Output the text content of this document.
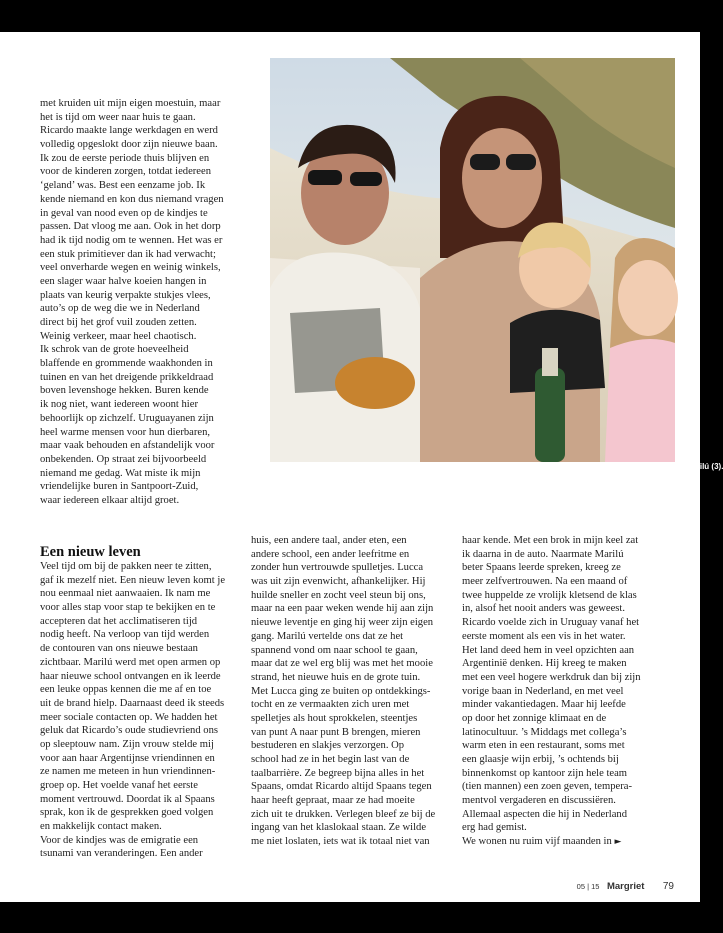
V.l.n.r.: Ricardo, Lara, Lucca (1) en Marilú (3).
met kruiden uit mijn eigen moestuin, maar
het is tijd om weer naar huis te gaan.
Ricardo maakte lange werkdagen en werd
volledig opgeslokt door zijn nieuwe baan.
Ik zou de eerste periode thuis blijven en
voor de kinderen zorgen, totdat iedereen
‘geland’ was. Best een eenzame job. Ik
kende niemand en kon dus niemand vragen
in geval van nood even op de kindjes te
passen. Dat vloog me aan. Ook in het dorp
had ik tijd nodig om te wennen. Het was er
een stuk primitiever dan ik had verwacht;
veel onverharde wegen en weinig winkels,
een slager waar halve koeien hangen in
plaats van keurig verpakte stukjes vlees,
auto’s op de weg die we in Nederland
direct bij het grof vuil zouden zetten.
Weinig verkeer, maar heel chaotisch.
Ik schrok van de grote hoeveelheid
blaffende en grommende waakhonden in
tuinen en van het dreigende prikkeldraad
boven levenshoge hekken. Buren kende
ik nog niet, want iedereen woont hier
behoorlijk op zichzelf. Uruguayanen zijn
heel warme mensen voor hun dierbaren,
maar vaak behouden en afstandelijk voor
onbekenden. Op straat zei bijvoorbeeld
niemand me gedag. Wat miste ik mijn
vriendelijke buren in Santpoort-Zuid,
waar iedereen elkaar altijd groet.
Een nieuw leven
Veel tijd om bij de pakken neer te zitten,
gaf ik mezelf niet. Een nieuw leven komt je
nou eenmaal niet aanwaaien. Ik nam me
voor alles stap voor stap te bekijken en te
accepteren dat het acclimatiseren tijd
nodig heeft. Na verloop van tijd werden
de contouren van ons nieuwe bestaan
zichtbaar. Marilú werd met open armen op
haar nieuwe school ontvangen en ik leerde
een leuke oppas kennen die me af en toe
uit de brand hielp. Daarnaast deed ik steeds
meer sociale contacten op. We hadden het
geluk dat Ricardo’s oude studievriend ons
op sleeptouw nam. Zijn vrouw stelde mij
voor aan haar Argentijnse vriendinnen en
ze namen me meteen in hun vriendinnen-
groep op. Het voelde vanaf het eerste
moment vertrouwd. Doordat ik al Spaans
sprak, kon ik de gesprekken goed volgen
en makkelijk contact maken.
Voor de kindjes was de emigratie een
tsunami van veranderingen. Een ander
huis, een andere taal, ander eten, een
andere school, een ander leefritme en
zonder hun vertrouwde spulletjes. Lucca
was uit zijn evenwicht, afhankelijker. Hij
huilde sneller en zocht veel steun bij ons,
maar na een paar weken wende hij aan zijn
nieuwe leventje en ging hij weer zijn eigen
gang. Marilú vertelde ons dat ze het
spannend vond om naar school te gaan,
maar dat ze wel erg blij was met het mooie
strand, het nieuwe huis en de grote tuin.
Met Lucca ging ze buiten op ontdekkings-
tocht en ze vermaakten zich uren met
spelletjes als hout sprokkelen, steentjes
van punt A naar punt B brengen, mieren
bestuderen en slakjes verzorgen. Op
school had ze in het begin last van de
taalbarrière. Ze begreep bijna alles in het
Spaans, omdat Ricardo altijd Spaans tegen
haar heeft gepraat, maar ze had moeite
zich uit te drukken. Verlegen bleef ze bij de
ingang van het klaslokaal staan. Ze wilde
me niet loslaten, iets wat ik totaal niet van
haar kende. Met een brok in mijn keel zat
ik daarna in de auto. Naarmate Marilú
beter Spaans leerde spreken, kreeg ze
meer zelfvertrouwen. Na een maand of
twee huppelde ze vrolijk kletsend de klas
in, alsof het nooit anders was geweest.
Ricardo voelde zich in Uruguay vanaf het
eerste moment als een vis in het water.
Het land deed hem in veel opzichten aan
Argentinië denken. Hij kreeg te maken
met een veel hogere werkdruk dan bij zijn
vorige baan in Nederland, en met veel
minder vakantiedagen. Maar hij leefde
op door het zonnige klimaat en de
latinocultuur. ’s Middags met collega’s
warm eten in een restaurant, soms met
een glaasje wijn erbij, ’s ochtends bij
binnenkomst op kantoor zijn hele team
(tien mannen) een zoen geven, tempera-
mentvol vergaderen en discussiëren.
Allemaal aspecten die hij in Nederland
erg had gemist.
We wonen nu ruim vijf maanden in ►
05 | 15 Margriet 79
